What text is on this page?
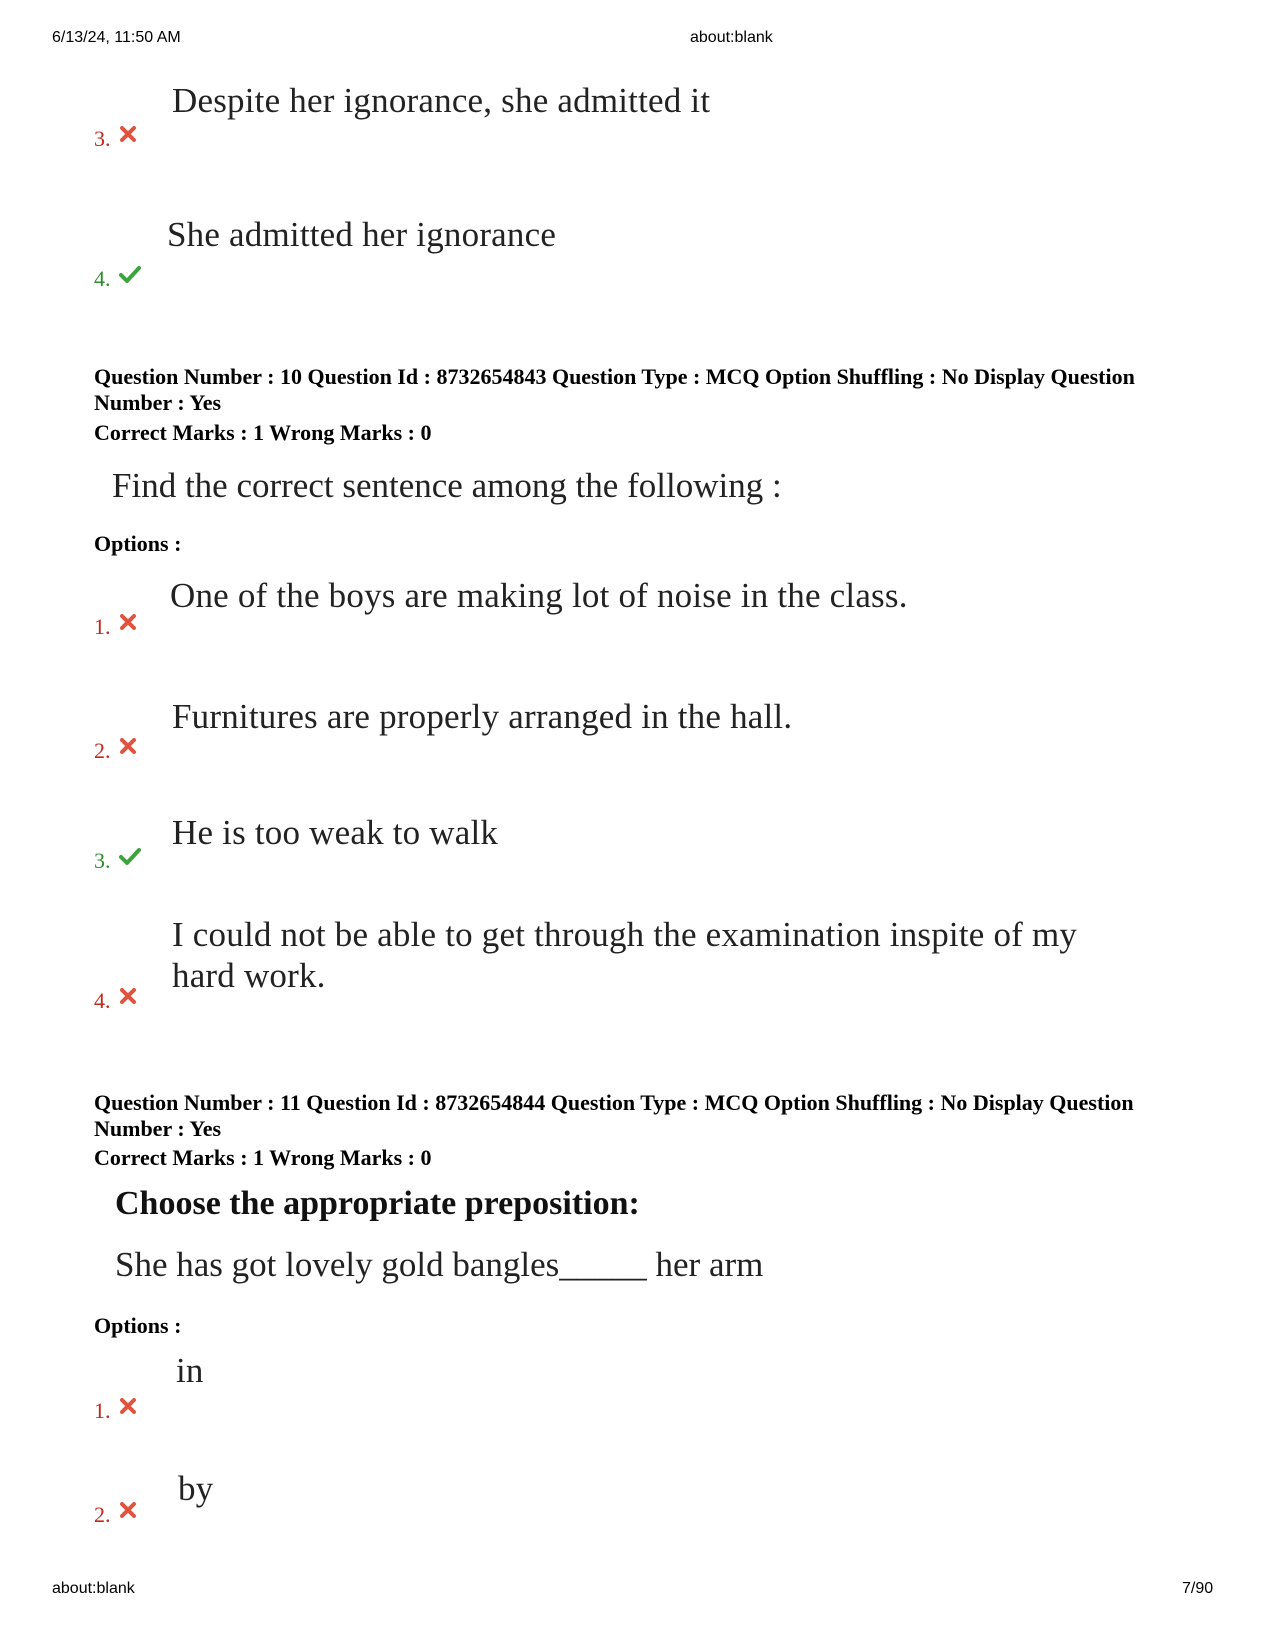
6/13/24, 11:50 AM	about:blank
Despite her ignorance, she admitted it
3.
She admitted her ignorance
4.
Question Number : 10 Question Id : 8732654843 Question Type : MCQ Option Shuffling : No Display Question
Number : Yes
Correct Marks : 1 Wrong Marks : 0
Find the correct sentence among the following :
Options :
One of the boys are making lot of noise in the class.
1.
Furnitures are properly arranged in the hall.
2.
He is too weak to walk
3.
I could not be able to get through the examination inspite of my
hard work.
4.
Question Number : 11 Question Id : 8732654844 Question Type : MCQ Option Shuffling : No Display Question
Number : Yes
Correct Marks : 1 Wrong Marks : 0
Choose the appropriate preposition:
She has got lovely gold bangles_____ her arm
Options :
in
1.
by
2.
about:blank	7/90
